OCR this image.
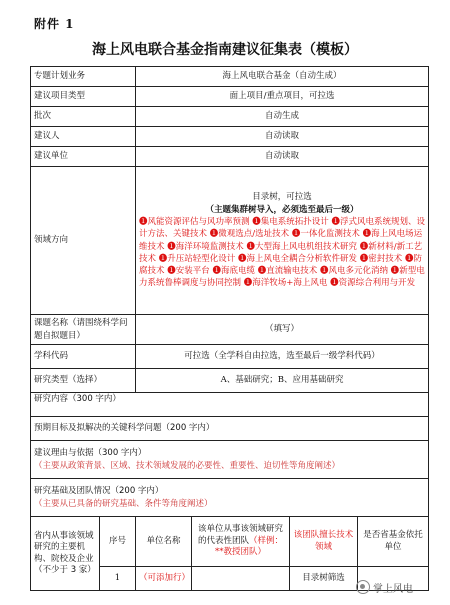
附件 1
海上风电联合基金指南建议征集表（模板）
专题计划业务		海上风电联合基金（自动生成）			
建议项目类型		面上项目/重点项目，可拉选			
批次		自动生成			
建议人		自动读取			
建议单位		自动读取			
领域方向		目录树，可拉选
（主题集群树导入，必须选至最后一级）
❶风能资源评估与风功率预测 ❶集电系统拓扑设计 ❶浮式风电系统规划、设计方法、关键技术 ❶微观选点/选址技术 ❶一体化监测技术 ❶海上风电场运维技术 ❶海洋环境监测技术 ❶大型海上风电机组技术研究 ❶新材料/新工艺技术 ❶升压站轻型化设计 ❶海上风电全耦合分析软件研发 ❶密封技术 ❶防腐技术 ❶安装平台 ❶海底电缆 ❶直流输电技术 ❶风电多元化消纳 ❶新型电力系统鲁棒调度与协同控制 ❶海洋牧场+海上风电 ❶资源综合利用与开发			

课题名称（请围绕科学问题自拟题目）		（填写）			
学科代码		可拉选（全学科自由拉选，选至最后一级学科代码）			
研究类型（选择）		A、基础研究；B、应用基础研究			
研究内容（300 字内）					
预期目标及拟解决的关键科学问题（200 字内）					

建议理由与依据（300 字内）
（主要从政策背景、区域、技术领域发展的必要性、重要性、迫切性等角度阐述）					

研究基础及团队情况（200 字内）
（主要从已具备的研究基础、条件等角度阐述）					

省内从事该领域研究的主要机构、院校及企业（不少于 3 家）	序号	单位名称	该单位从事该领域研究的代表性团队（样例：**教授团队）	该团队擅长技术领域	是否省基金依托单位
	1	（可添加行）		目录树筛选	
掌上风电
